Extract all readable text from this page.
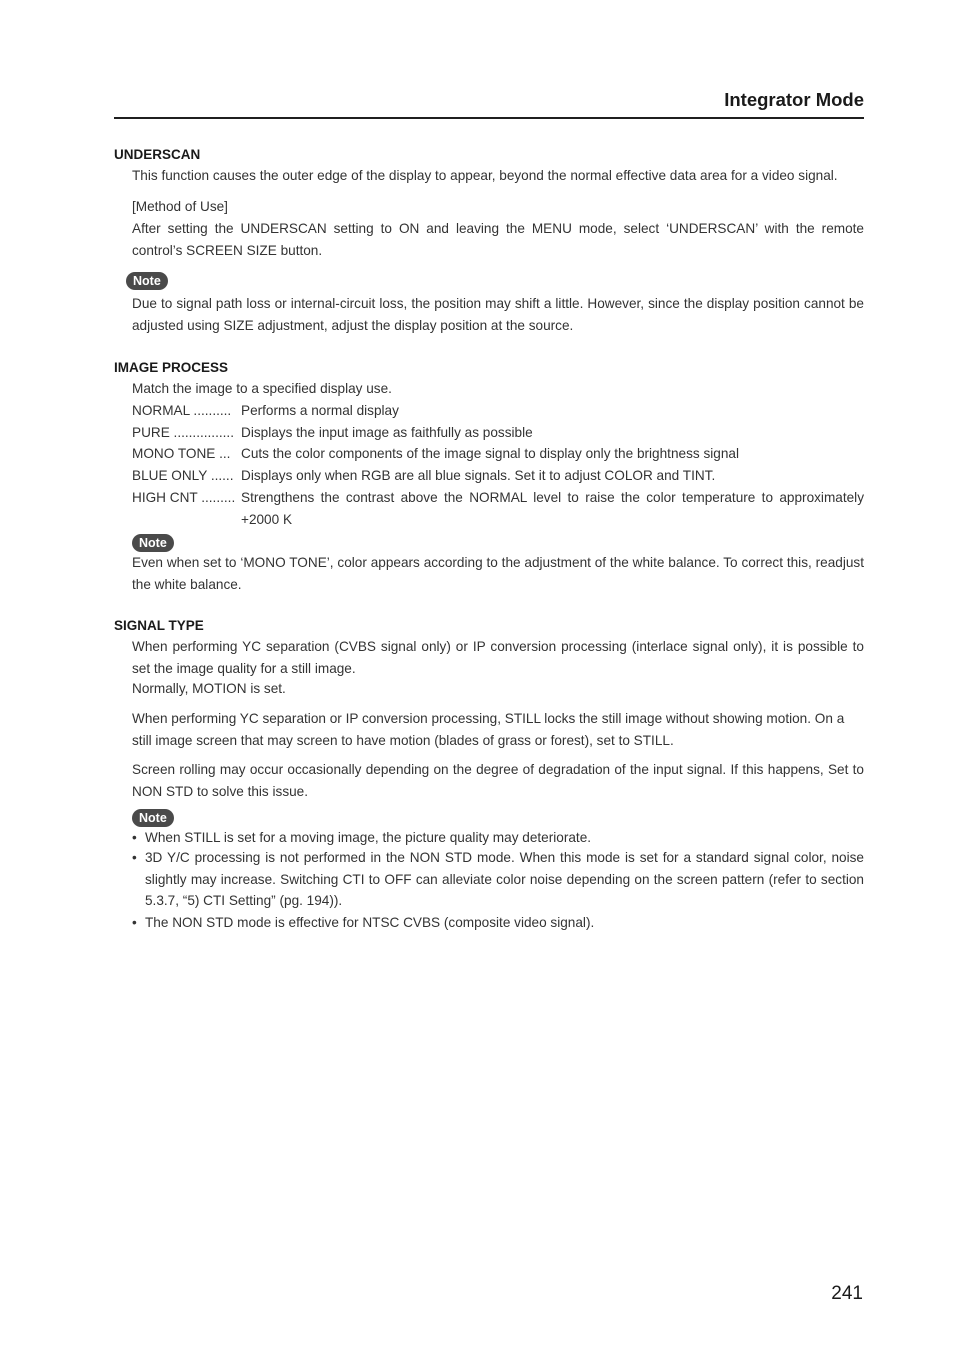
Integrator Mode
UNDERSCAN
This function causes the outer edge of the display to appear, beyond the normal effective data area for a video signal.
[Method of Use]
After setting the UNDERSCAN setting to ON and leaving the MENU mode, select ‘UNDERSCAN’ with the remote control’s SCREEN SIZE button.
Note
Due to signal path loss or internal-circuit loss, the position may shift a little. However, since the display position cannot be adjusted using SIZE adjustment, adjust the display position at the source.
IMAGE PROCESS
Match the image to a specified display use.
NORMAL .......... Performs a normal display
PURE ................ Displays the input image as faithfully as possible
MONO TONE ... Cuts the color components of the image signal to display only the brightness signal
BLUE ONLY ...... Displays only when RGB are all blue signals. Set it to adjust COLOR and TINT.
HIGH CNT ......... Strengthens the contrast above the NORMAL level to raise the color temperature to approximately +2000 K
Note
Even when set to ‘MONO TONE’, color appears according to the adjustment of the white balance. To correct this, readjust the white balance.
SIGNAL TYPE
When performing YC separation (CVBS signal only) or IP conversion processing (interlace signal only), it is possible to set the image quality for a still image.
Normally, MOTION is set.
When performing YC separation or IP conversion processing, STILL locks the still image without showing motion. On a still image screen that may screen to have motion (blades of grass or forest), set to STILL.
Screen rolling may occur occasionally depending on the degree of degradation of the input signal. If this happens, Set to NON STD to solve this issue.
Note
• When STILL is set for a moving image, the picture quality may deteriorate.
• 3D Y/C processing is not performed in the NON STD mode. When this mode is set for a standard signal color, noise slightly may increase. Switching CTI to OFF can alleviate color noise depending on the screen pattern (refer to section 5.3.7, “5) CTI Setting” (pg. 194)).
• The NON STD mode is effective for NTSC CVBS (composite video signal).
241
